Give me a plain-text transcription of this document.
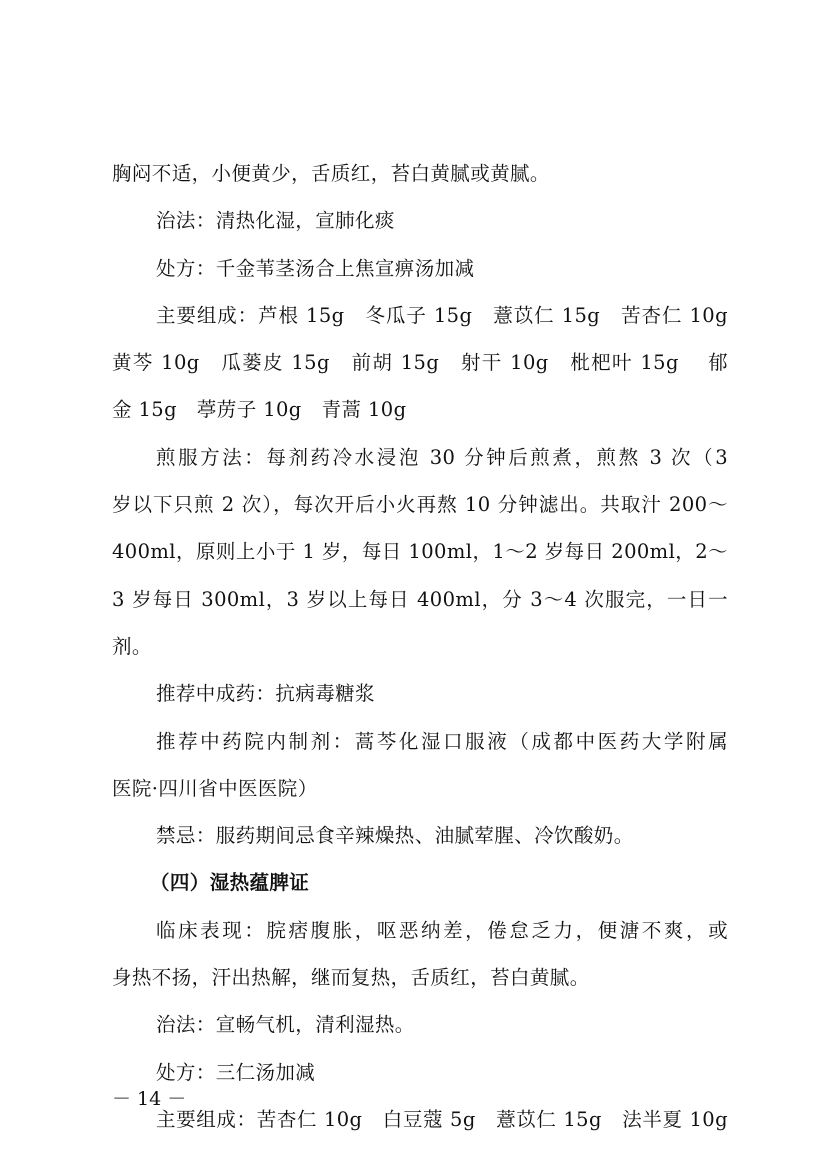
胸闷不适，小便黄少，舌质红，苔白黄腻或黄腻。
治法：清热化湿，宣肺化痰
处方：千金苇茎汤合上焦宣痹汤加减
主要组成：芦根 15g　冬瓜子 15g　薏苡仁 15g　苦杏仁 10g
黄芩 10g　瓜蒌皮 15g　前胡 15g　射干 10g　枇杷叶 15g　 郁
金 15g　葶苈子 10g　青蒿 10g
煎服方法：每剂药冷水浸泡 30 分钟后煎煮，煎熬 3 次（3
岁以下只煎 2 次），每次开后小火再熬 10 分钟滤出。共取汁 200～
400ml，原则上小于 1 岁，每日 100ml，1～2 岁每日 200ml，2～
3 岁每日 300ml，3 岁以上每日 400ml，分 3～4 次服完，一日一
剂。
推荐中成药：抗病毒糖浆
推荐中药院内制剂：蒿芩化湿口服液（成都中医药大学附属
医院·四川省中医医院）
禁忌：服药期间忌食辛辣燥热、油腻荤腥、冷饮酸奶。
（四）湿热蕴脾证
临床表现：脘痞腹胀，呕恶纳差，倦怠乏力，便溏不爽，或
身热不扬，汗出热解，继而复热，舌质红，苔白黄腻。
治法：宣畅气机，清利湿热。
处方：三仁汤加减
主要组成：苦杏仁 10g　白豆蔻 5g　薏苡仁 15g　法半夏 10g
－ 14 －
